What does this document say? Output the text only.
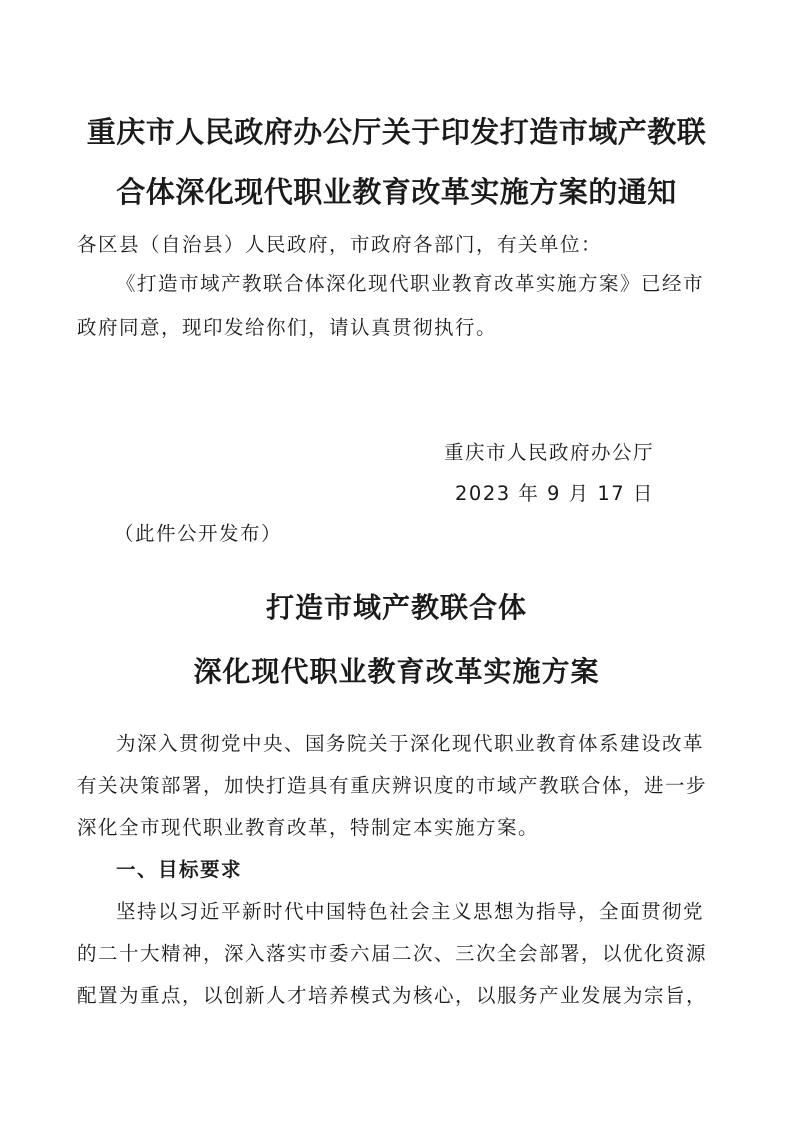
重庆市人民政府办公厅关于印发打造市域产教联
合体深化现代职业教育改革实施方案的通知

各区县（自治县）人民政府，市政府各部门，有关单位：

《打造市域产教联合体深化现代职业教育改革实施方案》已经市

政府同意，现印发给你们，请认真贯彻执行。

重庆市人民政府办公厅

2023 年 9 月 17 日

（此件公开发布）

打造市域产教联合体
深化现代职业教育改革实施方案

为深入贯彻党中央、国务院关于深化现代职业教育体系建设改革

有关决策部署，加快打造具有重庆辨识度的市域产教联合体，进一步

深化全市现代职业教育改革，特制定本实施方案。

一、目标要求

坚持以习近平新时代中国特色社会主义思想为指导，全面贯彻党

的二十大精神，深入落实市委六届二次、三次全会部署，以优化资源

配置为重点，以创新人才培养模式为核心，以服务产业发展为宗旨，
